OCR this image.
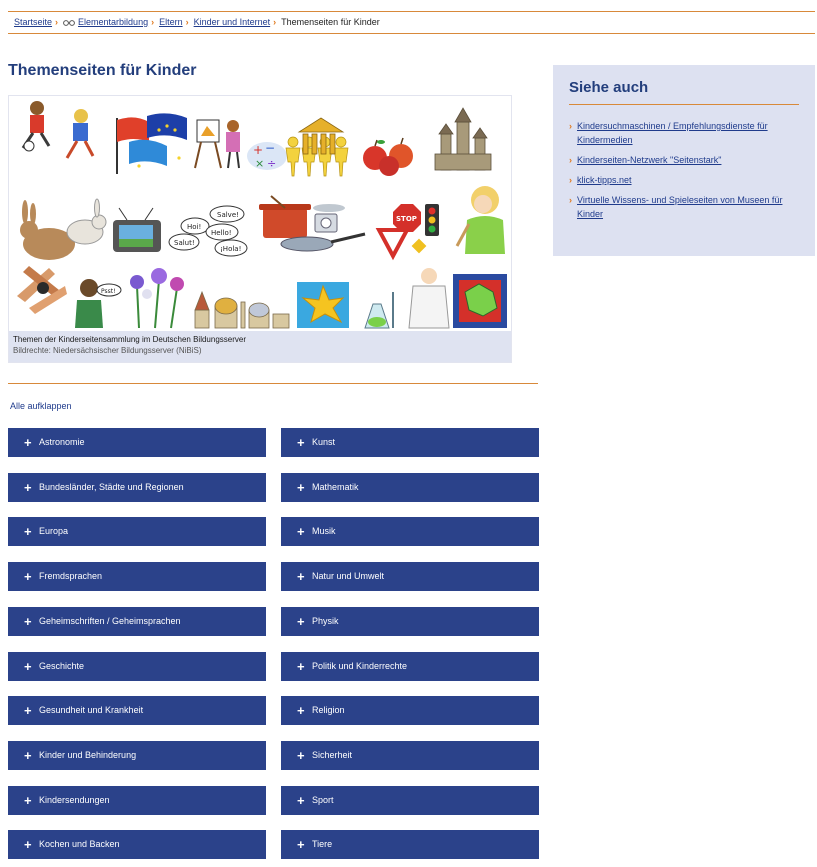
Startseite › Elementarbildung › Eltern › Kinder und Internet › Themenseiten für Kinder
Themenseiten für Kinder
+ −
× ÷
Salve!
Hoi!
Hello!
Salut!
¡Hola!
STOP
Psst!
Themen der Kinderseitensammlung im Deutschen Bildungsserver
Bildrechte: Niedersächsischer Bildungsserver (NiBiS)
Alle aufklappen
+ Astronomie
+ Bundesländer, Städte und Regionen
+ Europa
+ Fremdsprachen
+ Geheimschriften / Geheimsprachen
+ Geschichte
+ Gesundheit und Krankheit
+ Kinder und Behinderung
+ Kindersendungen
+ Kochen und Backen
+ Kunst
+ Mathematik
+ Musik
+ Natur und Umwelt
+ Physik
+ Politik und Kinderrechte
+ Religion
+ Sicherheit
+ Sport
+ Tiere
Siehe auch
› Kindersuchmaschinen / Empfehlungsdienste für Kindermedien
› Kinderseiten-Netzwerk "Seitenstark"
› klick-tipps.net
› Virtuelle Wissens- und Spieleseiten von Museen für Kinder
